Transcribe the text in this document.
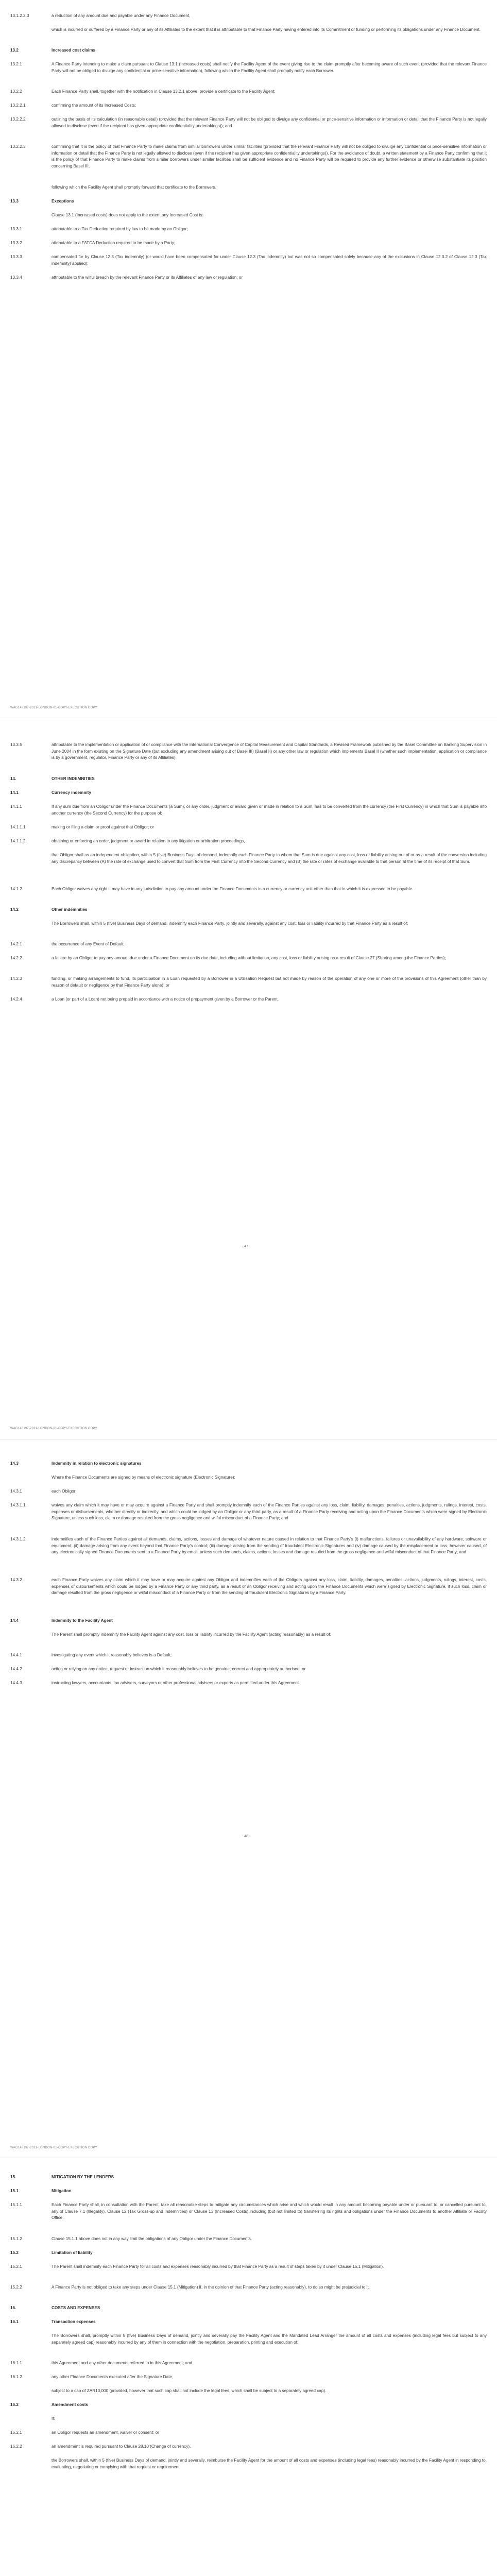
13.1.2.2.3	a reduction of any amount due and payable under any Finance Document,
which is incurred or suffered by a Finance Party or any of its Affiliates to the extent that it is attributable to that Finance Party having entered into its Commitment or funding or performing its obligations under any Finance Document.
13.2	Increased cost claims
13.2.1	A Finance Party intending to make a claim pursuant to Clause 13.1 (Increased costs) shall notify the Facility Agent of the event giving rise to the claim promptly after becoming aware of such event (provided that the relevant Finance Party will not be obliged to divulge any confidential or price-sensitive information), following which the Facility Agent shall promptly notify each Borrower.
13.2.2	Each Finance Party shall, together with the notification in Clause 13.2.1 above, provide a certificate to the Facility Agent:
13.2.2.1	confirming the amount of its Increased Costs;
13.2.2.2	outlining the basis of its calculation (in reasonable detail) (provided that the relevant Finance Party will not be obliged to divulge any confidential or price-sensitive information or information or detail that the Finance Party is not legally allowed to disclose (even if the recipient has given appropriate confidentiality undertakings)); and
13.2.2.3	confirming that it is the policy of that Finance Party to make claims from similar borrowers under similar facilities (provided that the relevant Finance Party will not be obliged to divulge any confidential or price-sensitive information or information or detail that the Finance Party is not legally allowed to disclose (even if the recipient has given appropriate confidentiality undertakings)). For the avoidance of doubt, a written statement by a Finance Party confirming that it is the policy of that Finance Party to make claims from similar borrowers under similar facilities shall be sufficient evidence and no Finance Party will be required to provide any further evidence or otherwise substantiate its position concerning Basel III,
following which the Facility Agent shall promptly forward that certificate to the Borrowers.
13.3	Exceptions
Clause 13.1 (Increased costs) does not apply to the extent any Increased Cost is:
13.3.1	attributable to a Tax Deduction required by law to be made by an Obligor;
13.3.2	attributable to a FATCA Deduction required to be made by a Party;
13.3.3	compensated for by Clause 12.3 (Tax indemnity) (or would have been compensated for under Clause 12.3 (Tax indemnity) but was not so compensated solely because any of the exclusions in Clause 12.3.2 of Clause 12.3 (Tax indemnity) applied);
13.3.4	attributable to the wilful breach by the relevant Finance Party or its Affiliates of any law or regulation; or
WAG148197-2021-LONDON-01-COPY-EXECUTION COPY
13.3.5	attributable to the implementation or application of or compliance with the International Convergence of Capital Measurement and Capital Standards, a Revised Framework published by the Basel Committee on Banking Supervision in June 2004 in the form existing on the Signature Date (but excluding any amendment arising out of Basel III) (Basel II) or any other law or regulation which implements Basel II (whether such implementation, application or compliance is by a government, regulator, Finance Party or any of its Affiliates).
14.	OTHER INDEMNITIES
14.1	Currency indemnity
14.1.1	If any sum due from an Obligor under the Finance Documents (a Sum), or any order, judgment or award given or made in relation to a Sum, has to be converted from the currency (the First Currency) in which that Sum is payable into another currency (the Second Currency) for the purpose of:
14.1.1.1	making or filing a claim or proof against that Obligor; or
14.1.1.2	obtaining or enforcing an order, judgment or award in relation to any litigation or arbitration proceedings,
that Obligor shall as an independent obligation, within 5 (five) Business Days of demand, indemnify each Finance Party to whom that Sum is due against any cost, loss or liability arising out of or as a result of the conversion including any discrepancy between (A) the rate of exchange used to convert that Sum from the First Currency into the Second Currency and (B) the rate or rates of exchange available to that person at the time of its receipt of that Sum.
14.1.2	Each Obligor waives any right it may have in any jurisdiction to pay any amount under the Finance Documents in a currency or currency unit other than that in which it is expressed to be payable.
14.2	Other indemnities
The Borrowers shall, within 5 (five) Business Days of demand, indemnify each Finance Party, jointly and severally, against any cost, loss or liability incurred by that Finance Party as a result of:
14.2.1	the occurrence of any Event of Default;
14.2.2	a failure by an Obligor to pay any amount due under a Finance Document on its due date, including without limitation, any cost, loss or liability arising as a result of Clause 27 (Sharing among the Finance Parties);
14.2.3	funding, or making arrangements to fund, its participation in a Loan requested by a Borrower in a Utilisation Request but not made by reason of the operation of any one or more of the provisions of this Agreement (other than by reason of default or negligence by that Finance Party alone); or
14.2.4	a Loan (or part of a Loan) not being prepaid in accordance with a notice of prepayment given by a Borrower or the Parent.
- 47 -
WAG148197-2021-LONDON-01-COPY-EXECUTION COPY
14.3	Indemnity in relation to electronic signatures
Where the Finance Documents are signed by means of electronic signature (Electronic Signature):
14.3.1	each Obligor:
14.3.1.1	waives any claim which it may have or may acquire against a Finance Party and shall promptly indemnify each of the Finance Parties against any loss, claim, liability, damages, penalties, actions, judgments, rulings, interest, costs, expenses or disbursements, whether directly or indirectly, and which could be lodged by an Obligor or any third party, as a result of a Finance Party receiving and acting upon the Finance Documents which were signed by Electronic Signature, unless such loss, claim or damage resulted from the gross negligence and wilful misconduct of a Finance Party; and
14.3.1.2	indemnifies each of the Finance Parties against all demands, claims, actions, losses and damage of whatever nature caused in relation to that Finance Party's (i) malfunctions, failures or unavailability of any hardware, software or equipment; (ii) damage arising from any event beyond that Finance Party's control; (iii) damage arising from the sending of fraudulent Electronic Signatures and (iv) damage caused by the misplacement or loss, however caused, of any electronically signed Finance Documents sent to a Finance Party by email, unless such demands, claims, actions, losses and damage resulted from the gross negligence and wilful misconduct of that Finance Party; and
14.3.2	each Finance Party waives any claim which it may have or may acquire against any Obligor and indemnifies each of the Obligors against any loss, claim, liability, damages, penalties, actions, judgments, rulings, interest, costs, expenses or disbursements which could be lodged by a Finance Party or any third party, as a result of an Obligor receiving and acting upon the Finance Documents which were signed by Electronic Signature, if such loss, claim or damage resulted from the gross negligence or wilful misconduct of a Finance Party or from the sending of fraudulent Electronic Signatures by a Finance Party.
14.4	Indemnity to the Facility Agent
The Parent shall promptly indemnify the Facility Agent against any cost, loss or liability incurred by the Facility Agent (acting reasonably) as a result of:
14.4.1	investigating any event which it reasonably believes is a Default;
14.4.2	acting or relying on any notice, request or instruction which it reasonably believes to be genuine, correct and appropriately authorised; or
14.4.3	instructing lawyers, accountants, tax advisers, surveyors or other professional advisers or experts as permitted under this Agreement.
- 48 -
WAG148197-2021-LONDON-01-COPY-EXECUTION COPY
15.	MITIGATION BY THE LENDERS
15.1	Mitigation
15.1.1	Each Finance Party shall, in consultation with the Parent, take all reasonable steps to mitigate any circumstances which arise and which would result in any amount becoming payable under or pursuant to, or cancelled pursuant to, any of Clause 7.1 (Illegality), Clause 12 (Tax Gross-up and Indemnities) or Clause 13 (Increased Costs) including (but not limited to) transferring its rights and obligations under the Finance Documents to another Affiliate or Facility Office.
15.1.2	Clause 15.1.1 above does not in any way limit the obligations of any Obligor under the Finance Documents.
15.2	Limitation of liability
15.2.1	The Parent shall indemnify each Finance Party for all costs and expenses reasonably incurred by that Finance Party as a result of steps taken by it under Clause 15.1 (Mitigation).
15.2.2	A Finance Party is not obliged to take any steps under Clause 15.1 (Mitigation) if, in the opinion of that Finance Party (acting reasonably), to do so might be prejudicial to it.
16.	COSTS AND EXPENSES
16.1	Transaction expenses
The Borrowers shall, promptly within 5 (five) Business Days of demand, jointly and severally pay the Facility Agent and the Mandated Lead Arranger the amount of all costs and expenses (including legal fees but subject to any separately agreed cap) reasonably incurred by any of them in connection with the negotiation, preparation, printing and execution of:
16.1.1	this Agreement and any other documents referred to in this Agreement; and
16.1.2	any other Finance Documents executed after the Signature Date,
subject to a cap of ZAR10,000 (provided, however that such cap shall not include the legal fees, which shall be subject to a separately agreed cap).
16.2	Amendment costs
If:
16.2.1	an Obligor requests an amendment, waiver or consent; or
16.2.2	an amendment is required pursuant to Clause 28.10 (Change of currency),
the Borrowers shall, within 5 (five) Business Days of demand, jointly and severally, reimburse the Facility Agent for the amount of all costs and expenses (including legal fees) reasonably incurred by the Facility Agent in responding to, evaluating, negotiating or complying with that request or requirement.
